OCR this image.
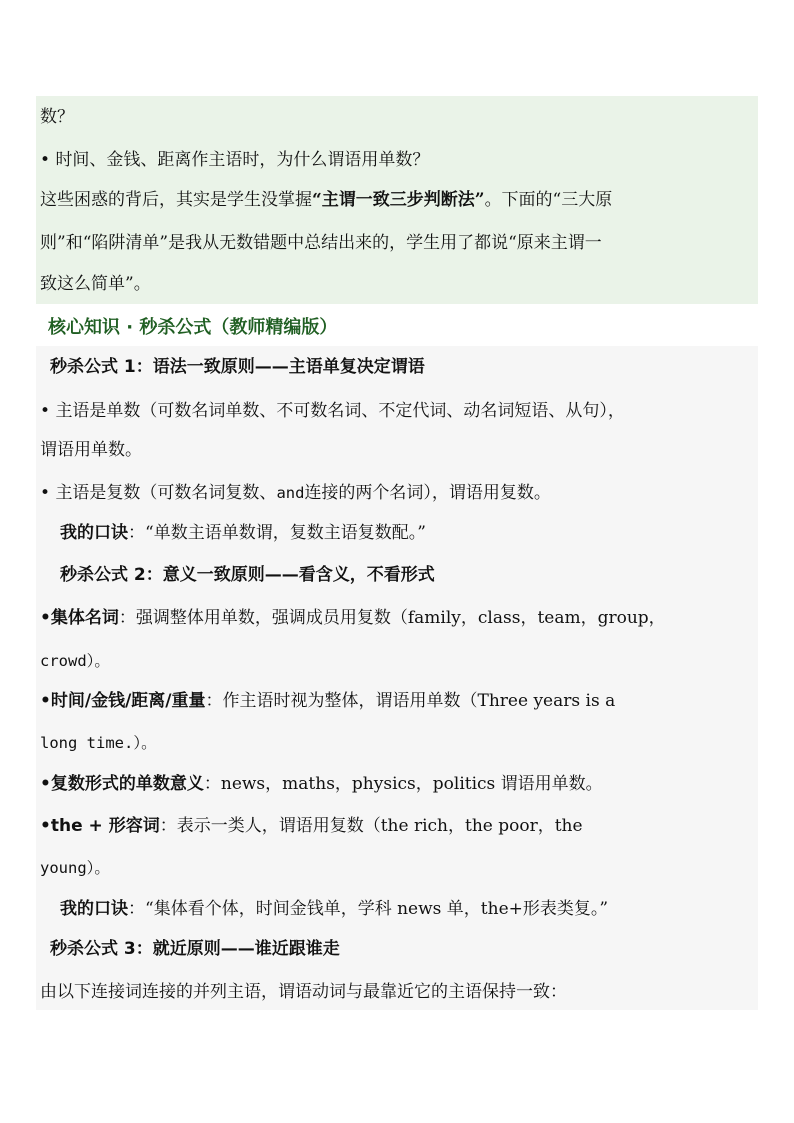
数？
• 时间、金钱、距离作主语时，为什么谓语用单数？
这些困惑的背后，其实是学生没掌握“主谓一致三步判断法”。下面的“三大原
则”和“陷阱清单”是我从无数错题中总结出来的，学生用了都说“原来主谓一
致这么简单”。
核心知识 · 秒杀公式（教师精编版）
秒杀公式 1：语法一致原则——主语单复决定谓语
• 主语是单数（可数名词单数、不可数名词、不定代词、动名词短语、从句），
谓语用单数。
• 主语是复数（可数名词复数、and连接的两个名词），谓语用复数。
我的口诀：“单数主语单数谓，复数主语复数配。”
秒杀公式 2：意义一致原则——看含义，不看形式
•集体名词：强调整体用单数，强调成员用复数（family，class，team，group，
crowd）。
•时间/金钱/距离/重量：作主语时视为整体，谓语用单数（Three years is a
long time.）。
•复数形式的单数意义：news，maths，physics，politics 谓语用单数。
•the + 形容词：表示一类人，谓语用复数（the rich，the poor，the
young）。
我的口诀：“集体看个体，时间金钱单，学科 news 单，the+形表类复。”
秒杀公式 3：就近原则——谁近跟谁走
由以下连接词连接的并列主语，谓语动词与最靠近它的主语保持一致：
